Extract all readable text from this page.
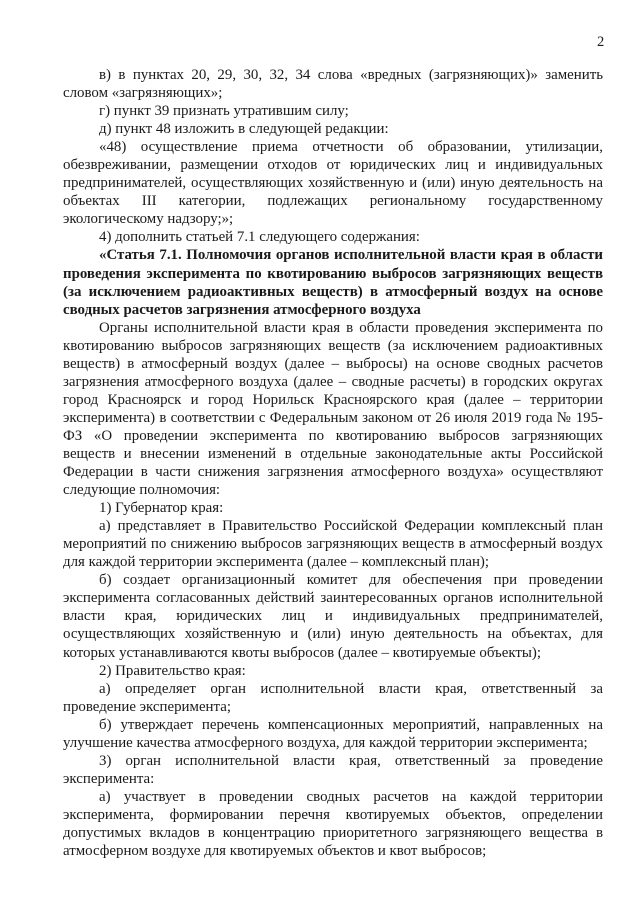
2

в) в пунктах 20, 29, 30, 32, 34 слова «вредных (загрязняющих)» заменить словом «загрязняющих»;

г) пункт 39 признать утратившим силу;

д) пункт 48 изложить в следующей редакции:

«48) осуществление приема отчетности об образовании, утилизации, обезвреживании, размещении отходов от юридических лиц и индивидуальных предпринимателей, осуществляющих хозяйственную и (или) иную деятельность на объектах III категории, подлежащих региональному государственному экологическому надзору;»;

4) дополнить статьей 7.1 следующего содержания:

«Статья 7.1. Полномочия органов исполнительной власти края в области проведения эксперимента по квотированию выбросов загрязняющих веществ (за исключением радиоактивных веществ) в атмосферный воздух на основе сводных расчетов загрязнения атмосферного воздуха

Органы исполнительной власти края в области проведения эксперимента по квотированию выбросов загрязняющих веществ (за исключением радиоактивных веществ) в атмосферный воздух (далее – выбросы) на основе сводных расчетов загрязнения атмосферного воздуха (далее – сводные расчеты) в городских округах город Красноярск и город Норильск Красноярского края (далее – территории эксперимента) в соответствии с Федеральным законом от 26 июля 2019 года № 195-ФЗ «О проведении эксперимента по квотированию выбросов загрязняющих веществ и внесении изменений в отдельные законодательные акты Российской Федерации в части снижения загрязнения атмосферного воздуха» осуществляют следующие полномочия:

1) Губернатор края:

а) представляет в Правительство Российской Федерации комплексный план мероприятий по снижению выбросов загрязняющих веществ в атмосферный воздух для каждой территории эксперимента (далее – комплексный план);

б) создает организационный комитет для обеспечения при проведении эксперимента согласованных действий заинтересованных органов исполнительной власти края, юридических лиц и индивидуальных предпринимателей, осуществляющих хозяйственную и (или) иную деятельность на объектах, для которых устанавливаются квоты выбросов (далее – квотируемые объекты);

2) Правительство края:

а) определяет орган исполнительной власти края, ответственный за проведение эксперимента;

б) утверждает перечень компенсационных мероприятий, направленных на улучшение качества атмосферного воздуха, для каждой территории эксперимента;

3) орган исполнительной власти края, ответственный за проведение эксперимента:

а) участвует в проведении сводных расчетов на каждой территории эксперимента, формировании перечня квотируемых объектов, определении допустимых вкладов в концентрацию приоритетного загрязняющего вещества в атмосферном воздухе для квотируемых объектов и квот выбросов;
